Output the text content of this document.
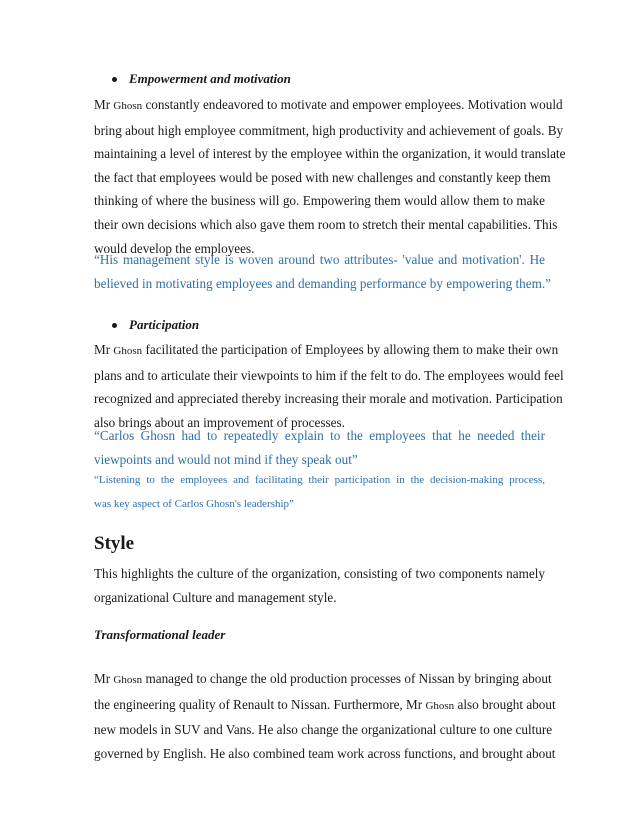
Empowerment and motivation
Mr Ghosn constantly endeavored to motivate and empower employees. Motivation would
bring about high employee commitment, high productivity and achievement of goals. By
maintaining a level of interest by the employee within the organization, it would translate
the fact that employees would be posed with new challenges and constantly keep them
thinking of where the business will go. Empowering them would allow them to make
their own decisions which also gave them room to stretch their mental capabilities. This
would develop the employees.
“His management style is woven around two attributes- 'value and motivation'. He
believed in motivating employees and demanding performance by empowering them.”
Participation
Mr Ghosn facilitated the participation of Employees by allowing them to make their own
plans and to articulate their viewpoints to him if the felt to do. The employees would feel
recognized and appreciated thereby increasing their morale and motivation. Participation
also brings about an improvement of processes.
“Carlos Ghosn had to repeatedly explain to the employees that he needed their
viewpoints and would not mind if they speak out”
“Listening to the employees and facilitating their participation in the decision-making process,
was key aspect of Carlos Ghosn's leadership”
Style
This highlights the culture of the organization, consisting of two components namely
organizational Culture and management style.
Transformational leader
Mr Ghosn managed to change the old production processes of Nissan by bringing about
the engineering quality of Renault to Nissan. Furthermore, Mr Ghosn also brought about
new models in SUV and Vans. He also change the organizational culture to one culture
governed by English. He also combined team work across functions, and brought about
